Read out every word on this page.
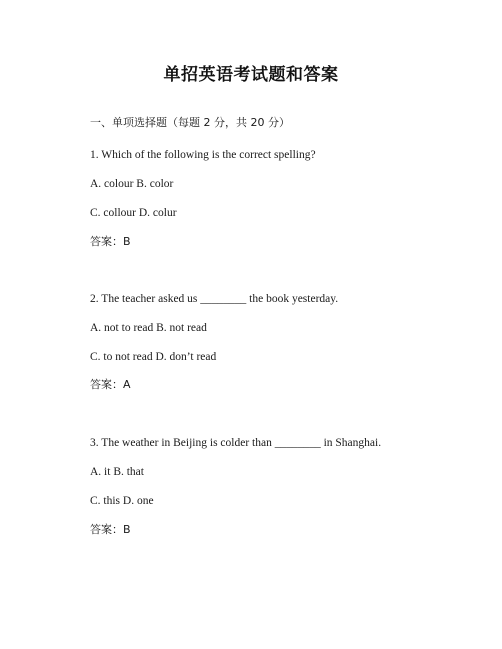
单招英语考试题和答案
一、单项选择题（每题 2 分，共 20 分）
1. Which of the following is the correct spelling?
A. colour B. color
C. collour D. colur
答案：B
2. The teacher asked us ________ the book yesterday.
A. not to read B. not read
C. to not read D. don’t read
答案：A
3. The weather in Beijing is colder than ________ in Shanghai.
A. it B. that
C. this D. one
答案：B
